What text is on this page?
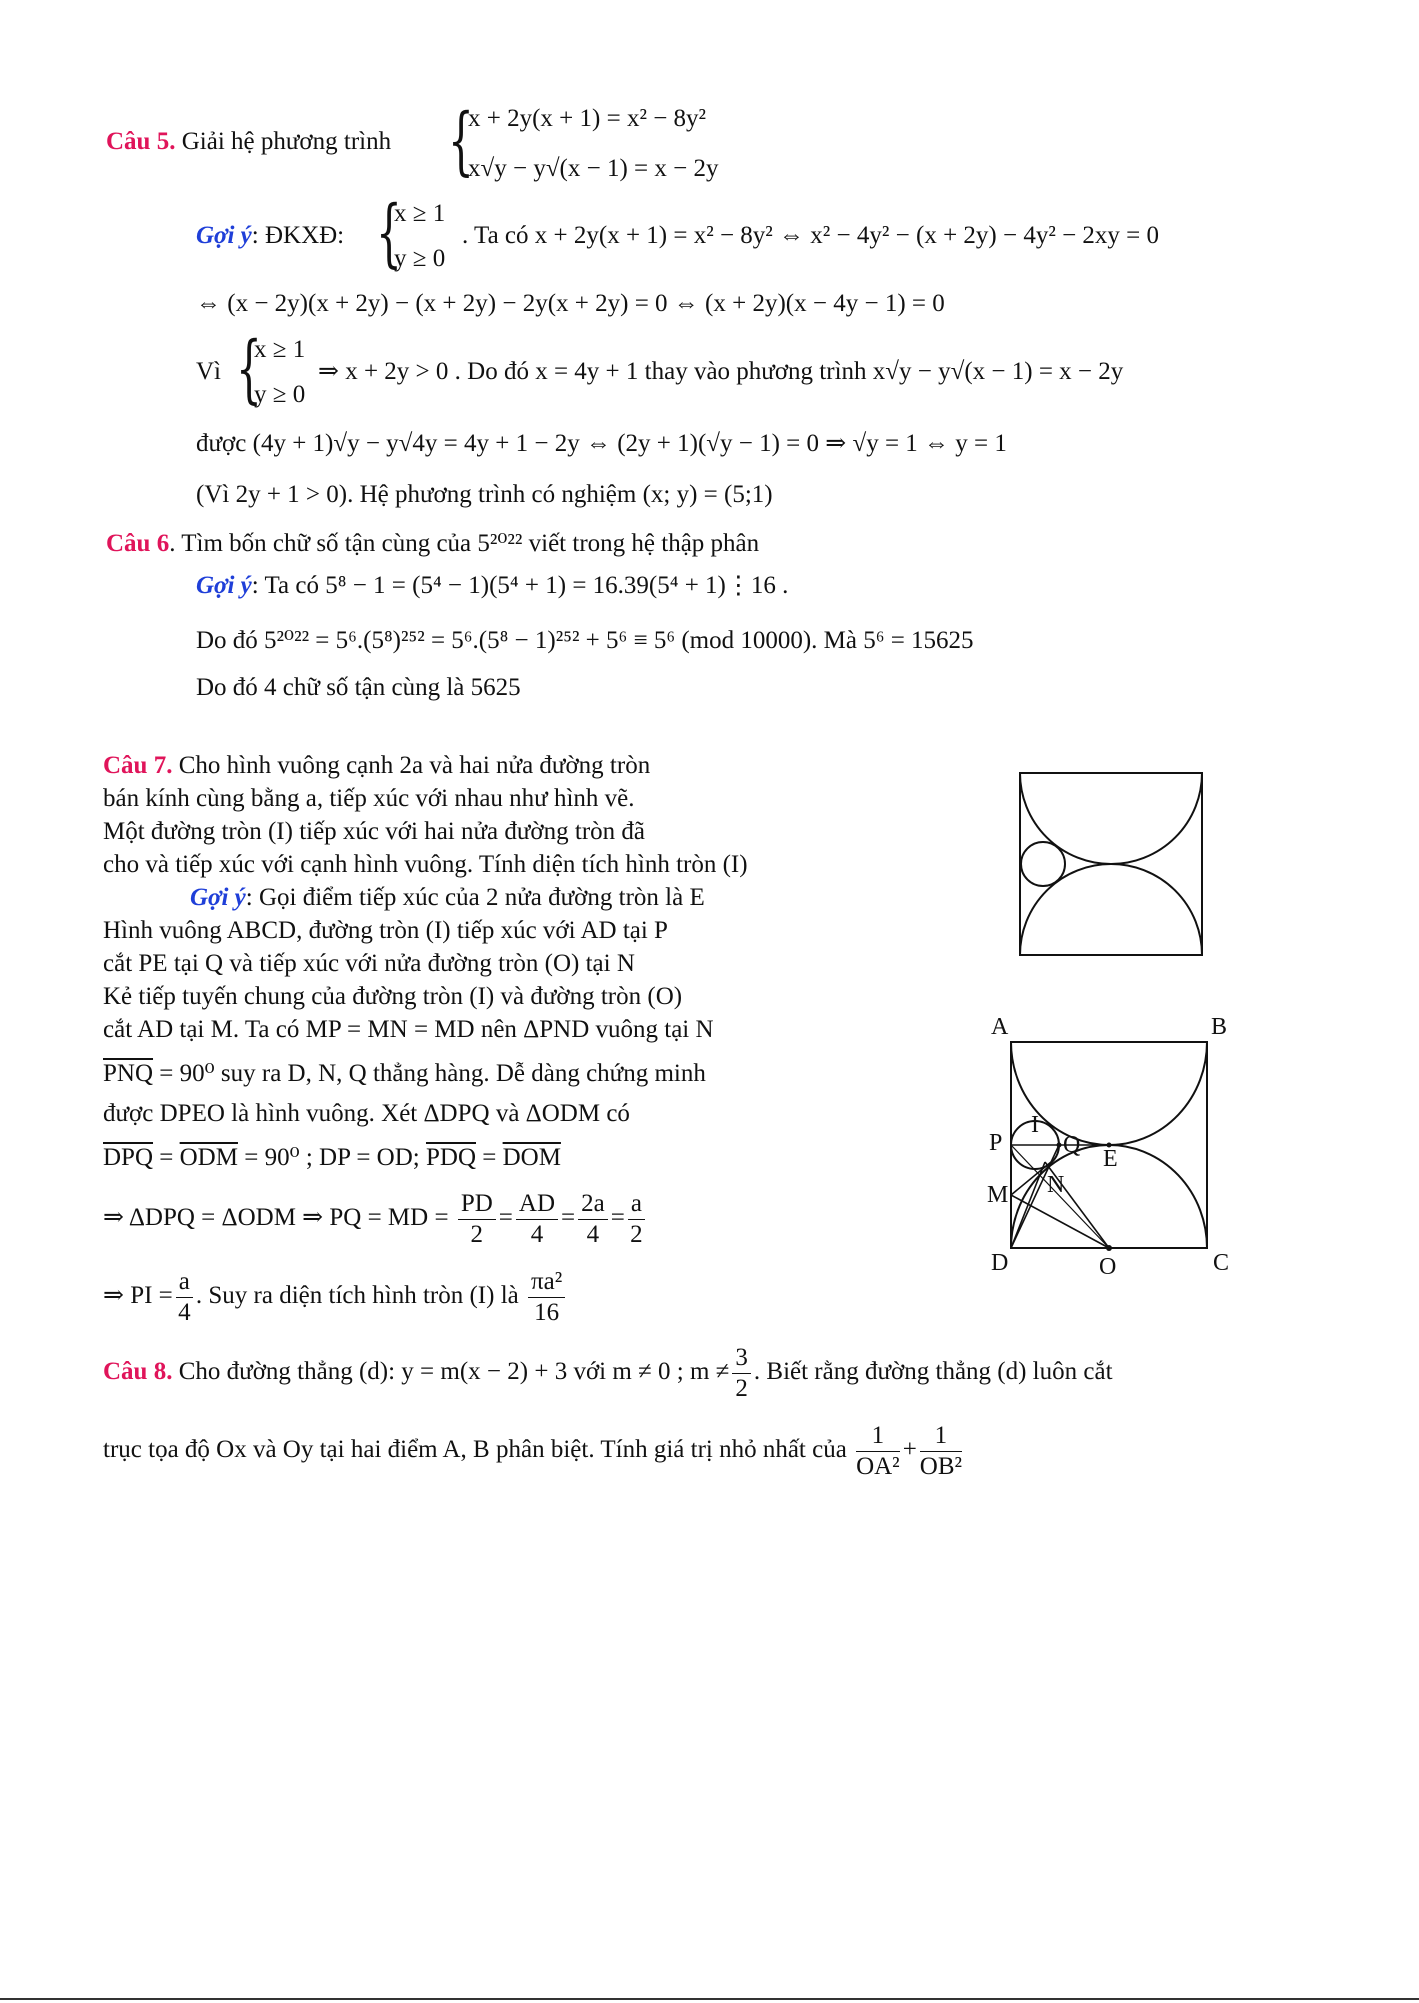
Câu 5. Giải hệ phương trình {
x + 2y(x + 1) = x² − 8y²
x√y − y√(x − 1) = x − 2y
Gợi ý: ĐKXĐ: {
x ≥ 1
y ≥ 0
. Ta có x + 2y(x + 1) = x² − 8y² ⇔ x² − 4y² − (x + 2y) − 4y² − 2xy = 0
⇔ (x − 2y)(x + 2y) − (x + 2y) − 2y(x + 2y) = 0 ⇔ (x + 2y)(x − 4y − 1) = 0
Vì {
x ≥ 1
y ≥ 0
⇒ x + 2y > 0 . Do đó x = 4y + 1 thay vào phương trình x√y − y√(x − 1) = x − 2y
được (4y + 1)√y − y√4y = 4y + 1 − 2y ⇔ (2y + 1)(√y − 1) = 0 ⇒ √y = 1 ⇔ y = 1
(Vì 2y + 1 > 0). Hệ phương trình có nghiệm (x; y) = (5;1)
Câu 6. Tìm bốn chữ số tận cùng của 5²⁰²² viết trong hệ thập phân
Gợi ý: Ta có 5⁸ − 1 = (5⁴ − 1)(5⁴ + 1) = 16.39(5⁴ + 1)⋮16 .
Do đó 5²⁰²² = 5⁶.(5⁸)²⁵² = 5⁶.(5⁸ − 1)²⁵² + 5⁶ ≡ 5⁶ (mod 10000). Mà 5⁶ = 15625
Do đó 4 chữ số tận cùng là 5625
Câu 7. Cho hình vuông cạnh 2a và hai nửa đường tròn
bán kính cùng bằng a, tiếp xúc với nhau như hình vẽ.
Một đường tròn (I) tiếp xúc với hai nửa đường tròn đã
cho và tiếp xúc với cạnh hình vuông. Tính diện tích hình tròn (I)
Gợi ý: Gọi điểm tiếp xúc của 2 nửa đường tròn là E
Hình vuông ABCD, đường tròn (I) tiếp xúc với AD tại P
cắt PE tại Q và tiếp xúc với nửa đường tròn (O) tại N
Kẻ tiếp tuyến chung của đường tròn (I) và đường tròn (O)
cắt AD tại M. Ta có MP = MN = MD nên ΔPND vuông tại N
$\overline{PNQ} = 90^0$ suy ra D, N, Q thẳng hàng. Dễ dàng chứng minh
được DPEO là hình vuông. Xét ΔDPQ và ΔODM có
$\overline{DPQ} = \overline{ODM} = 90^0$ ; DP = OD; $\overline{PDQ} = \overline{DOM}$
⇒ ΔDPQ = ΔODM ⇒ PQ = MD = $\frac{PD}{2} = \frac{AD}{4} = \frac{2a}{4} = \frac{a}{2}$
⇒ PI = $\frac{a}{4}$ . Suy ra diện tích hình tròn (I) là $\frac{\text{πa²}}{16}$
A	B
C
D	O
P
I
Q
E
M N
Câu 8. Cho đường thẳng (d): y = m(x − 2) + 3 với m ≠ 0 ; $m \ne \frac{3}{2}$ . Biết rằng đường thẳng (d) luôn cắt
trục tọa độ Ox và Oy tại hai điểm A, B phân biệt. Tính giá trị nhỏ nhất của $\frac{1}{\text{OA²}} + \frac{1}{\text{OB²}}$
